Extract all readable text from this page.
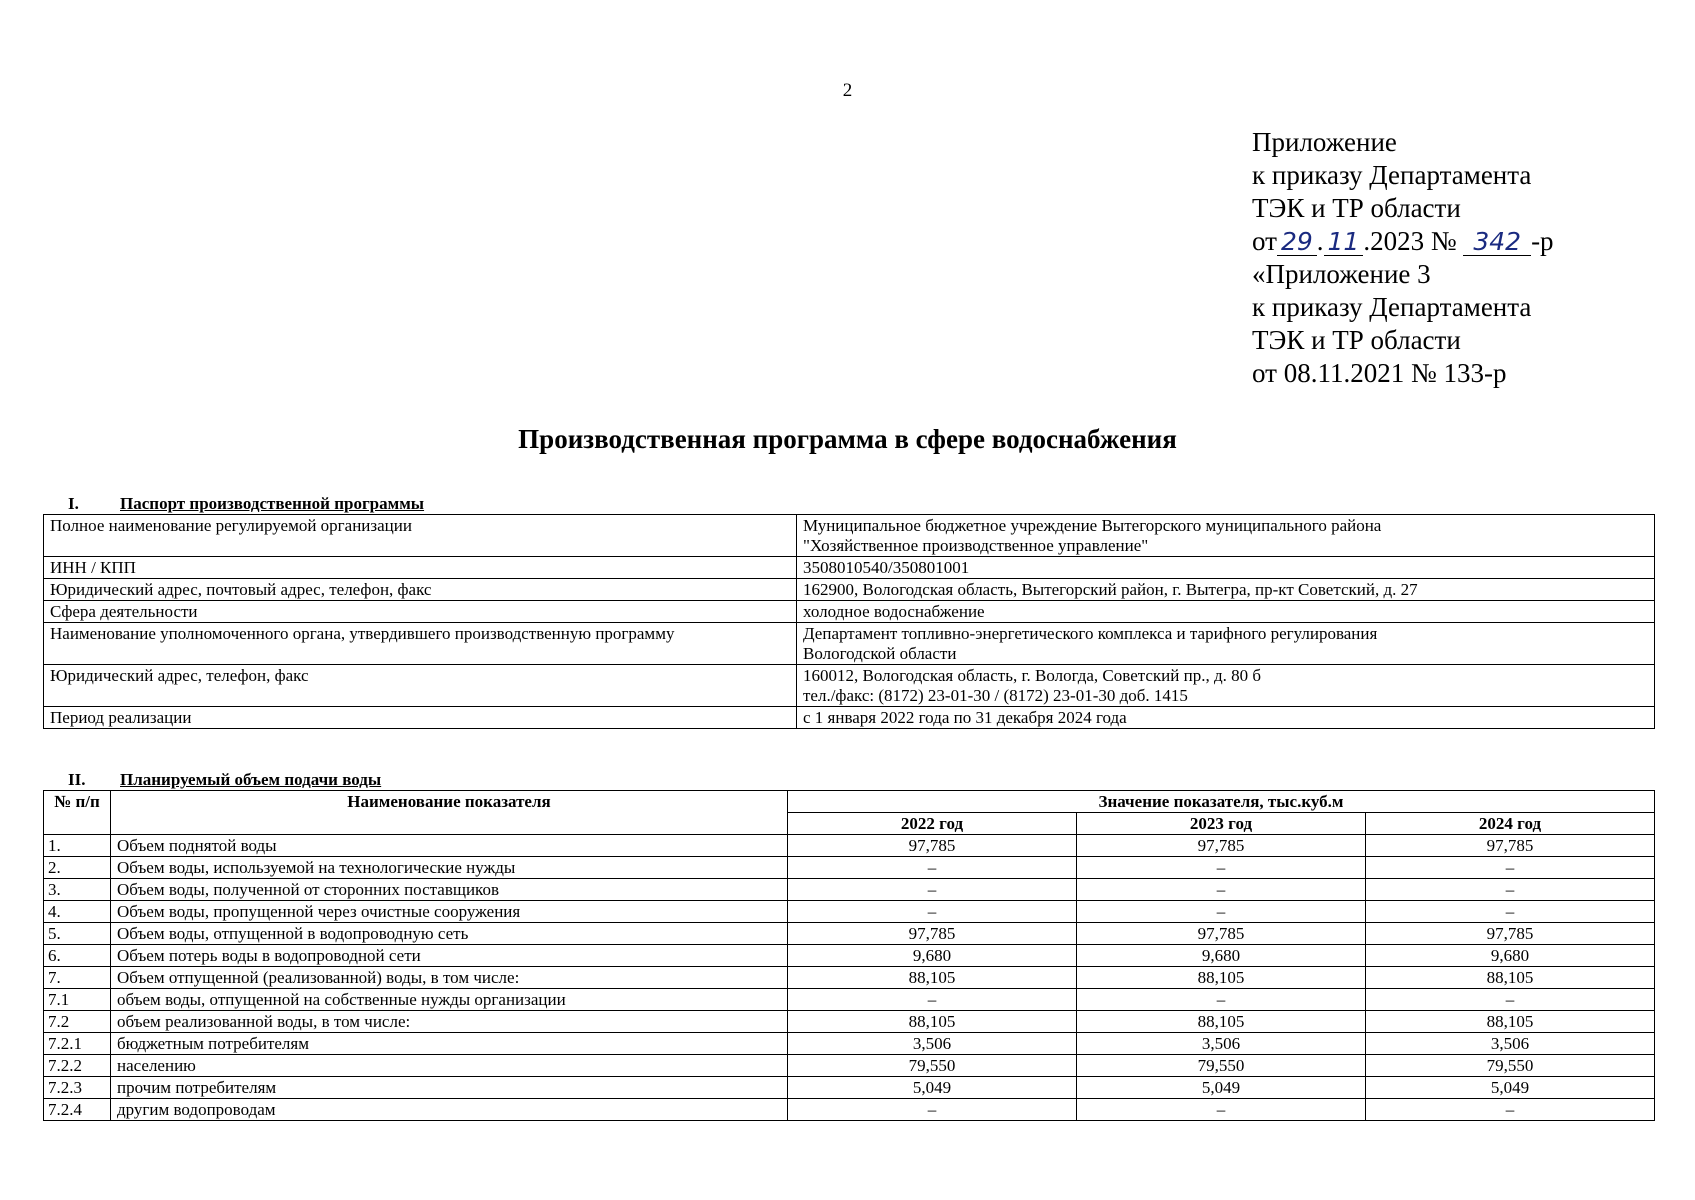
2
Приложение
к приказу Департамента
ТЭК и ТР области
от 29 . 11 .2023 № 342 -р
«Приложение 3
к приказу Департамента
ТЭК и ТР области
от 08.11.2021 № 133-р
Производственная программа в сфере водоснабжения
I. Паспорт производственной программы
Полное наименование регулируемой организации	Муниципальное бюджетное учреждение Вытегорского муниципального района
"Хозяйственное производственное управление"

ИНН / КПП	3508010540/350801001

Юридический адрес, почтовый адрес, телефон, факс	162900, Вологодская область, Вытегорский район, г. Вытегра, пр-кт Советский, д. 27

Сфера деятельности	холодное водоснабжение

Наименование уполномоченного органа, утвердившего производственную программу	Департамент топливно-энергетического комплекса и тарифного регулирования
Вологодской области

Юридический адрес, телефон, факс	160012, Вологодская область, г. Вологда, Советский пр., д. 80 б
тел./факс: (8172) 23-01-30 / (8172) 23-01-30 доб. 1415

Период реализации	с 1 января 2022 года по 31 декабря 2024 года
II. Планируемый объем подачи воды
№ п/п	Наименование показателя	Значение показателя, тыс.куб.м		
		2022 год	2023 год	2024 год
1.	Объем поднятой воды	97,785	97,785	97,785
2.	Объем воды, используемой на технологические нужды	–	–	–
3.	Объем воды, полученной от сторонних поставщиков	–	–	–
4.	Объем воды, пропущенной через очистные сооружения	–	–	–
5.	Объем воды, отпущенной в водопроводную сеть	97,785	97,785	97,785
6.	Объем потерь воды в водопроводной сети	9,680	9,680	9,680
7.	Объем отпущенной (реализованной) воды, в том числе:	88,105	88,105	88,105
7.1	объем воды, отпущенной на собственные нужды организации	–	–	–
7.2	объем реализованной воды, в том числе:	88,105	88,105	88,105
7.2.1	бюджетным потребителям	3,506	3,506	3,506
7.2.2	населению	79,550	79,550	79,550
7.2.3	прочим потребителям	5,049	5,049	5,049
7.2.4	другим водопроводам	–	–	–
